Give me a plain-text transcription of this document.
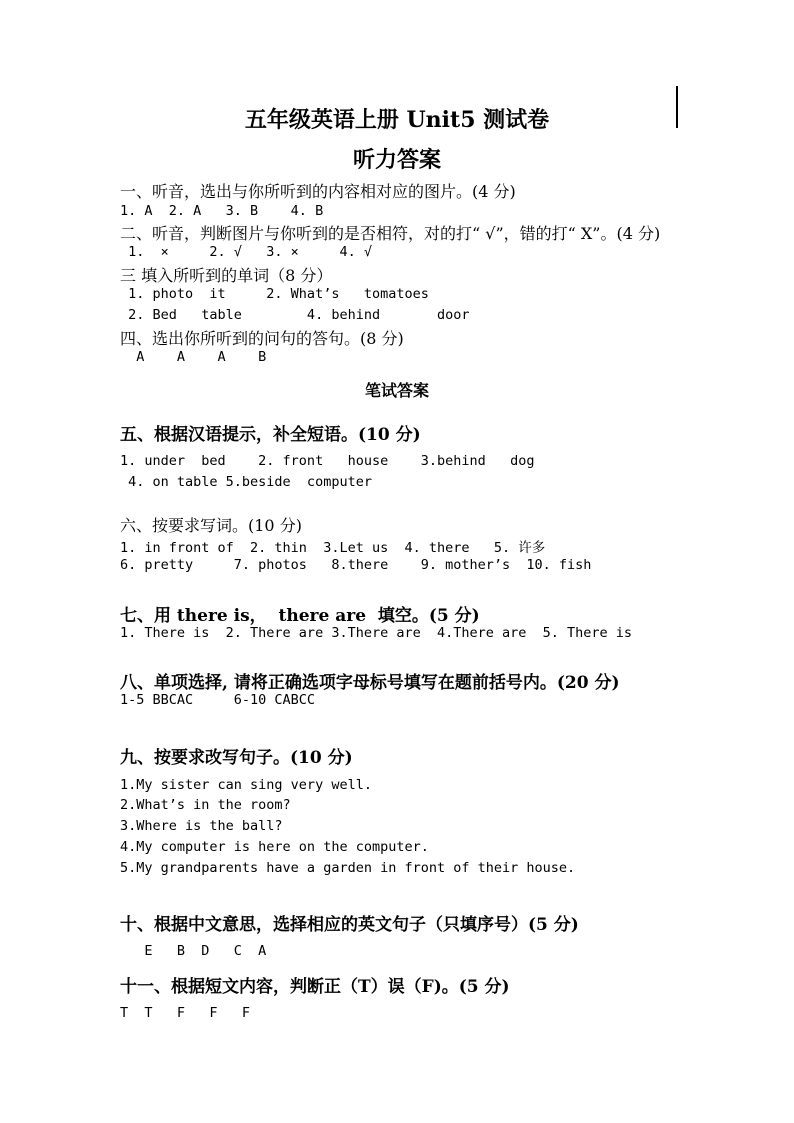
五年级英语上册 Unit5 测试卷
听力答案
一、听音，选出与你所听到的内容相对应的图片。(4 分)
1. A  2. A   3. B    4. B
二、听音，判断图片与你听到的是否相符，对的打“ √”，错的打“ X”。(4 分)
1.  ×     2. √   3. ×     4. √
三 填入所听到的单词（8 分）
1. photo  it     2. What’s   tomatoes
2. Bed   table        4. behind       door
四、选出你所听到的问句的答句。(8 分)
A    A    A    B
笔试答案
五、根据汉语提示，补全短语。(10 分)
1. under  bed    2. front   house    3.behind   dog
4. on table 5.beside  computer
六、按要求写词。(10 分)
1. in front of  2. thin  3.Let us  4. there   5. 许多
6. pretty     7. photos   8.there    9. mother’s  10. fish
七、用 there is，  there are  填空。(5 分)
1. There is  2. There are 3.There are  4.There are  5. There is
八、单项选择, 请将正确选项字母标号填写在题前括号内。(20 分)
1-5 BBCAC     6-10 CABCC
九、按要求改写句子。(10 分)
1.My sister can sing very well.
2.What’s in the room?
3.Where is the ball?
4.My computer is here on the computer.
5.My grandparents have a garden in front of their house.
十、根据中文意思，选择相应的英文句子（只填序号）(5 分)
E   B  D   C  A
十一、根据短文内容，判断正（T）误（F)。(5 分)
T  T   F   F   F
